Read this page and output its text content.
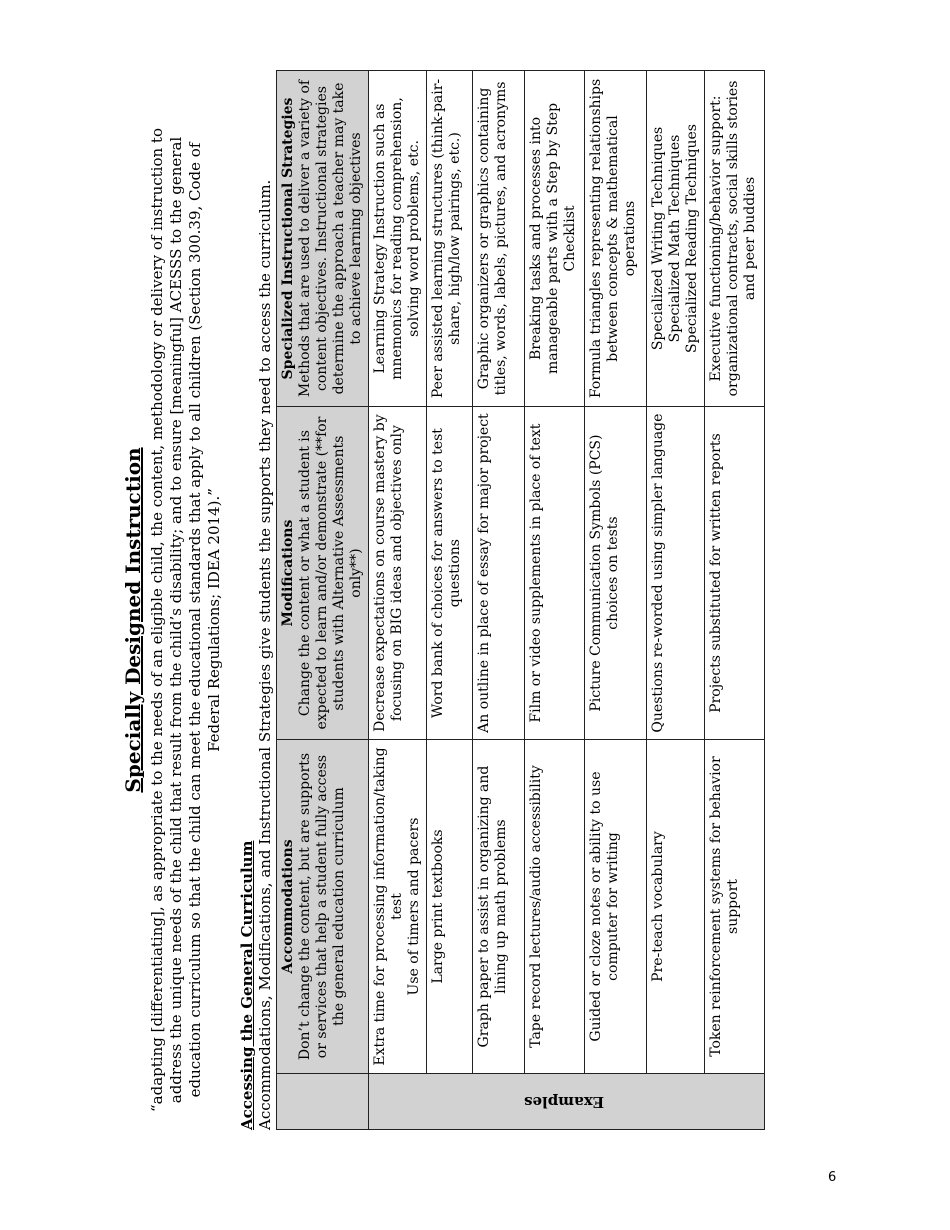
Specially Designed Instruction “adapting [differentiating], as appropriate to the needs of an eligible child, the content, methodology or delivery of instruction to address the unique needs of the child that result from the child’s disability; and to ensure [meaningful] ACESSS to the general education curriculum so that the child can meet the educational standards that apply to all children (Section 300.39, Code of Federal Regulations; IDEA 2014).”
Accessing the General Curriculum Accommodations, Modifications, and Instructional Strategies give students the supports they need to access the curriculum.

	Accommodations Don’t change the content, but are supports or services that help a student fully access the general education curriculum	Modifications Change the content or what a student is expected to learn and/or demonstrate (**for students with Alternative Assessments only**)	Specialized Instructional Strategies Methods that are used to deliver a variety of content objectives. Instructional strategies determine the approach a teacher may take to achieve learning objectives
Examples	Extra time for processing information/taking test Use of timers and pacers	Decrease expectations on course mastery by focusing on BIG ideas and objectives only	Learning Strategy Instruction such as mnemonics for reading comprehension, solving word problems, etc.
	Large print textbooks	Word bank of choices for answers to test questions	Peer assisted learning structures (think-pair-share, high/low pairings, etc.)
	Graph paper to assist in organizing and lining up math problems	An outline in place of essay for major project	Graphic organizers or graphics containing titles, words, labels, pictures, and acronyms
	Tape record lectures/audio accessibility	Film or video supplements in place of text	Breaking tasks and processes into manageable parts with a Step by Step Checklist
	Guided or cloze notes or ability to use computer for writing	Picture Communication Symbols (PCS) choices on tests	Formula triangles representing relationships between concepts & mathematical operations
	Pre-teach vocabulary	Questions re-worded using simpler language	Specialized Writing Techniques Specialized Math Techniques Specialized Reading Techniques

	Token reinforcement systems for behavior support	Projects substituted for written reports	Executive functioning/behavior support: organizational contracts, social skills stories and peer buddies
6
